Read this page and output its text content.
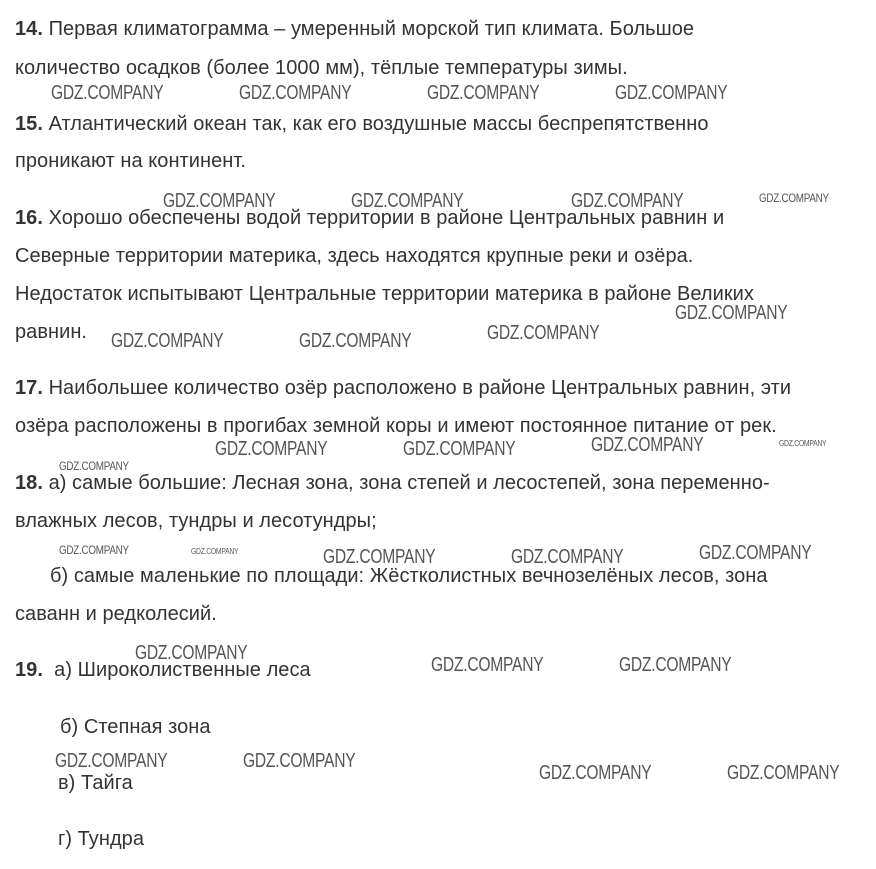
14. Первая климатограмма – умеренный морской тип климата. Большое
количество осадков (более 1000 мм), тёплые температуры зимы.
15. Атлантический океан так, как его воздушные массы беспрепятственно
проникают на континент.
16. Хорошо обеспечены водой территории в районе Центральных равнин и
Северные территории материка, здесь находятся крупные реки и озёра.
Недостаток испытывают Центральные территории материка в районе Великих
равнин.
17. Наибольшее количество озёр расположено в районе Центральных равнин, эти
озёра расположены в прогибах земной коры и имеют постоянное питание от рек.
18. а) самые большие: Лесная зона, зона степей и лесостепей, зона переменно-
влажных лесов, тундры и лесотундры;
б) самые маленькие по площади: Жёстколистных вечнозелёных лесов, зона
саванн и редколесий.
19. а) Широколиственные леса
б) Степная зона
в) Тайга
г) Тундра
GDZ.COMPANY	GDZ.COMPANY	GDZ.COMPANY	GDZ.COMPANY
GDZ.COMPANY	GDZ.COMPANY	GDZ.COMPANY	GDZ.COMPANY
GDZ.COMPANY
GDZ.COMPANY	GDZ.COMPANY	GDZ.COMPANY
GDZ.COMPANY	GDZ.COMPANY	GDZ.COMPANY	GDZ.COMPANY
GDZ.COMPANY
GDZ.COMPANY	GDZ.COMPANY	GDZ.COMPANY	GDZ.COMPANY	GDZ.COMPANY
GDZ.COMPANY
GDZ.COMPANY	GDZ.COMPANY
GDZ.COMPANY	GDZ.COMPANY
GDZ.COMPANY	GDZ.COMPANY
